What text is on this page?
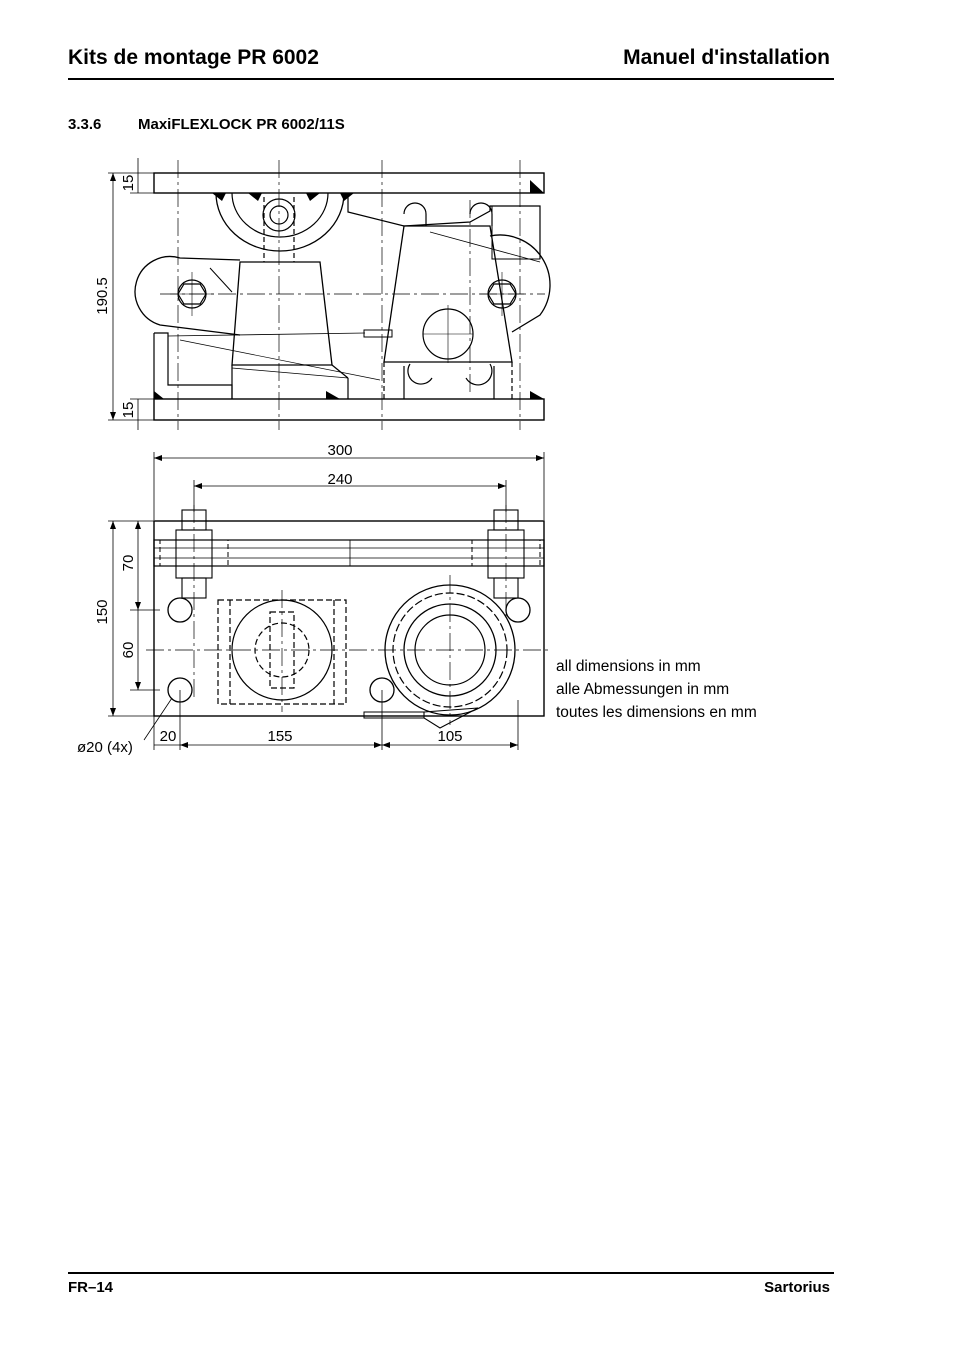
Kits de montage PR 6002	Manuel d'installation
3.3.6 MaxiFLEXLOCK PR 6002/11S
15
190.5
15
300
240
150
70
60
20	155	105
ø20 (4x)
all dimensions in mm
alle Abmessungen in mm
toutes les dimensions en mm
FR–14	Sartorius
